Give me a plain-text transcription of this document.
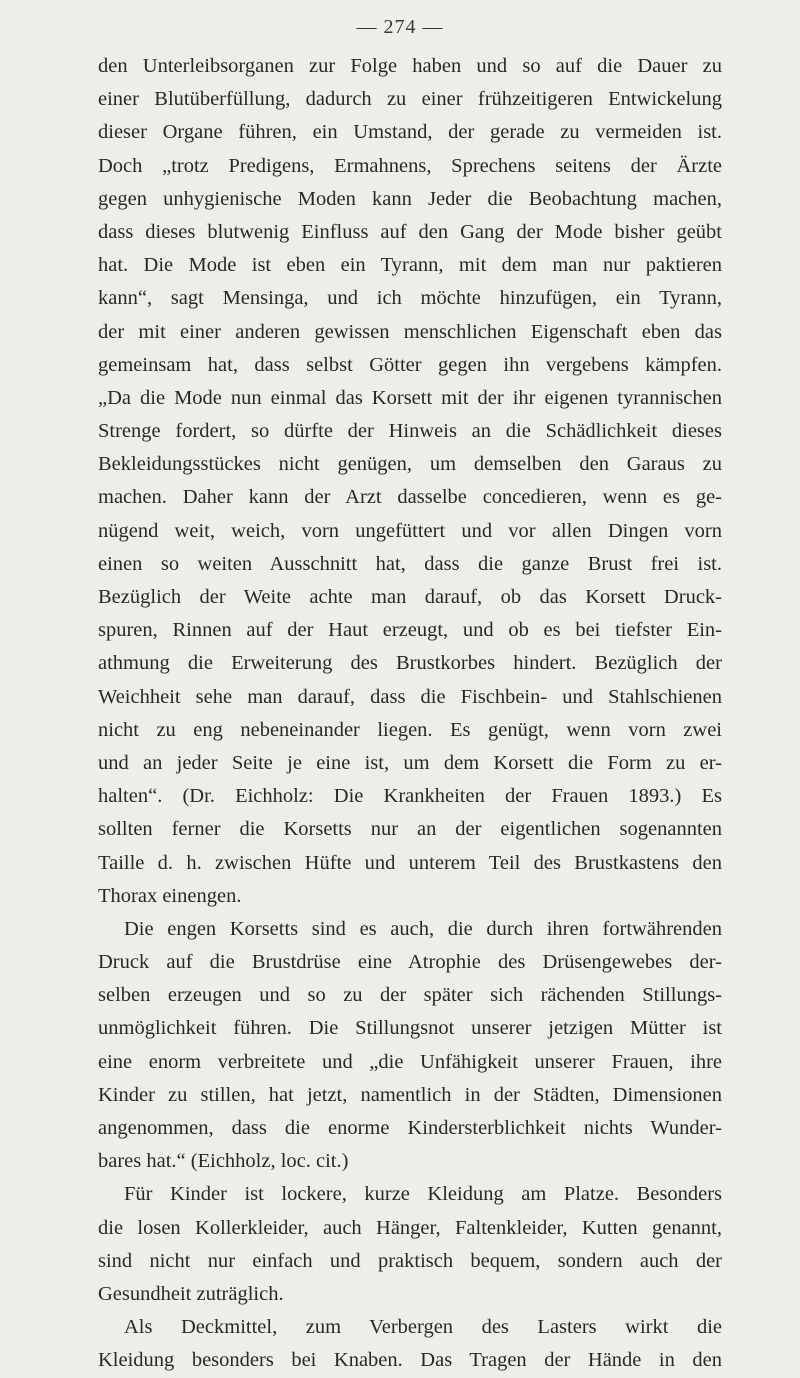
— 274 —
den Unterleibsorganen zur Folge haben und so auf die Dauer zu
einer Blutüberfüllung, dadurch zu einer frühzeitigeren Entwickelung
dieser Organe führen, ein Umstand, der gerade zu vermeiden ist.
Doch „trotz Predigens, Ermahnens, Sprechens seitens der Ärzte
gegen unhygienische Moden kann Jeder die Beobachtung machen,
dass dieses blutwenig Einfluss auf den Gang der Mode bisher geübt
hat. Die Mode ist eben ein Tyrann, mit dem man nur paktieren
kann“, sagt Mensinga, und ich möchte hinzufügen, ein Tyrann,
der mit einer anderen gewissen menschlichen Eigenschaft eben das
gemeinsam hat, dass selbst Götter gegen ihn vergebens kämpfen.
„Da die Mode nun einmal das Korsett mit der ihr eigenen tyrannischen
Strenge fordert, so dürfte der Hinweis an die Schädlichkeit dieses
Bekleidungsstückes nicht genügen, um demselben den Garaus zu
machen. Daher kann der Arzt dasselbe concedieren, wenn es ge-
nügend weit, weich, vorn ungefüttert und vor allen Dingen vorn
einen so weiten Ausschnitt hat, dass die ganze Brust frei ist.
Bezüglich der Weite achte man darauf, ob das Korsett Druck-
spuren, Rinnen auf der Haut erzeugt, und ob es bei tiefster Ein-
athmung die Erweiterung des Brustkorbes hindert. Bezüglich der
Weichheit sehe man darauf, dass die Fischbein- und Stahlschienen
nicht zu eng nebeneinander liegen. Es genügt, wenn vorn zwei
und an jeder Seite je eine ist, um dem Korsett die Form zu er-
halten“. (Dr. Eichholz: Die Krankheiten der Frauen 1893.) Es
sollten ferner die Korsetts nur an der eigentlichen sogenannten
Taille d. h. zwischen Hüfte und unterem Teil des Brustkastens den
Thorax einengen.
Die engen Korsetts sind es auch, die durch ihren fortwährenden
Druck auf die Brustdrüse eine Atrophie des Drüsengewebes der-
selben erzeugen und so zu der später sich rächenden Stillungs-
unmöglichkeit führen. Die Stillungsnot unserer jetzigen Mütter ist
eine enorm verbreitete und „die Unfähigkeit unserer Frauen, ihre
Kinder zu stillen, hat jetzt, namentlich in der Städten, Dimensionen
angenommen, dass die enorme Kindersterblichkeit nichts Wunder-
bares hat.“ (Eichholz, loc. cit.)
Für Kinder ist lockere, kurze Kleidung am Platze. Besonders
die losen Kollerkleider, auch Hänger, Faltenkleider, Kutten genannt,
sind nicht nur einfach und praktisch bequem, sondern auch der
Gesundheit zuträglich.
Als Deckmittel, zum Verbergen des Lasters wirkt die
Kleidung besonders bei Knaben. Das Tragen der Hände in den
